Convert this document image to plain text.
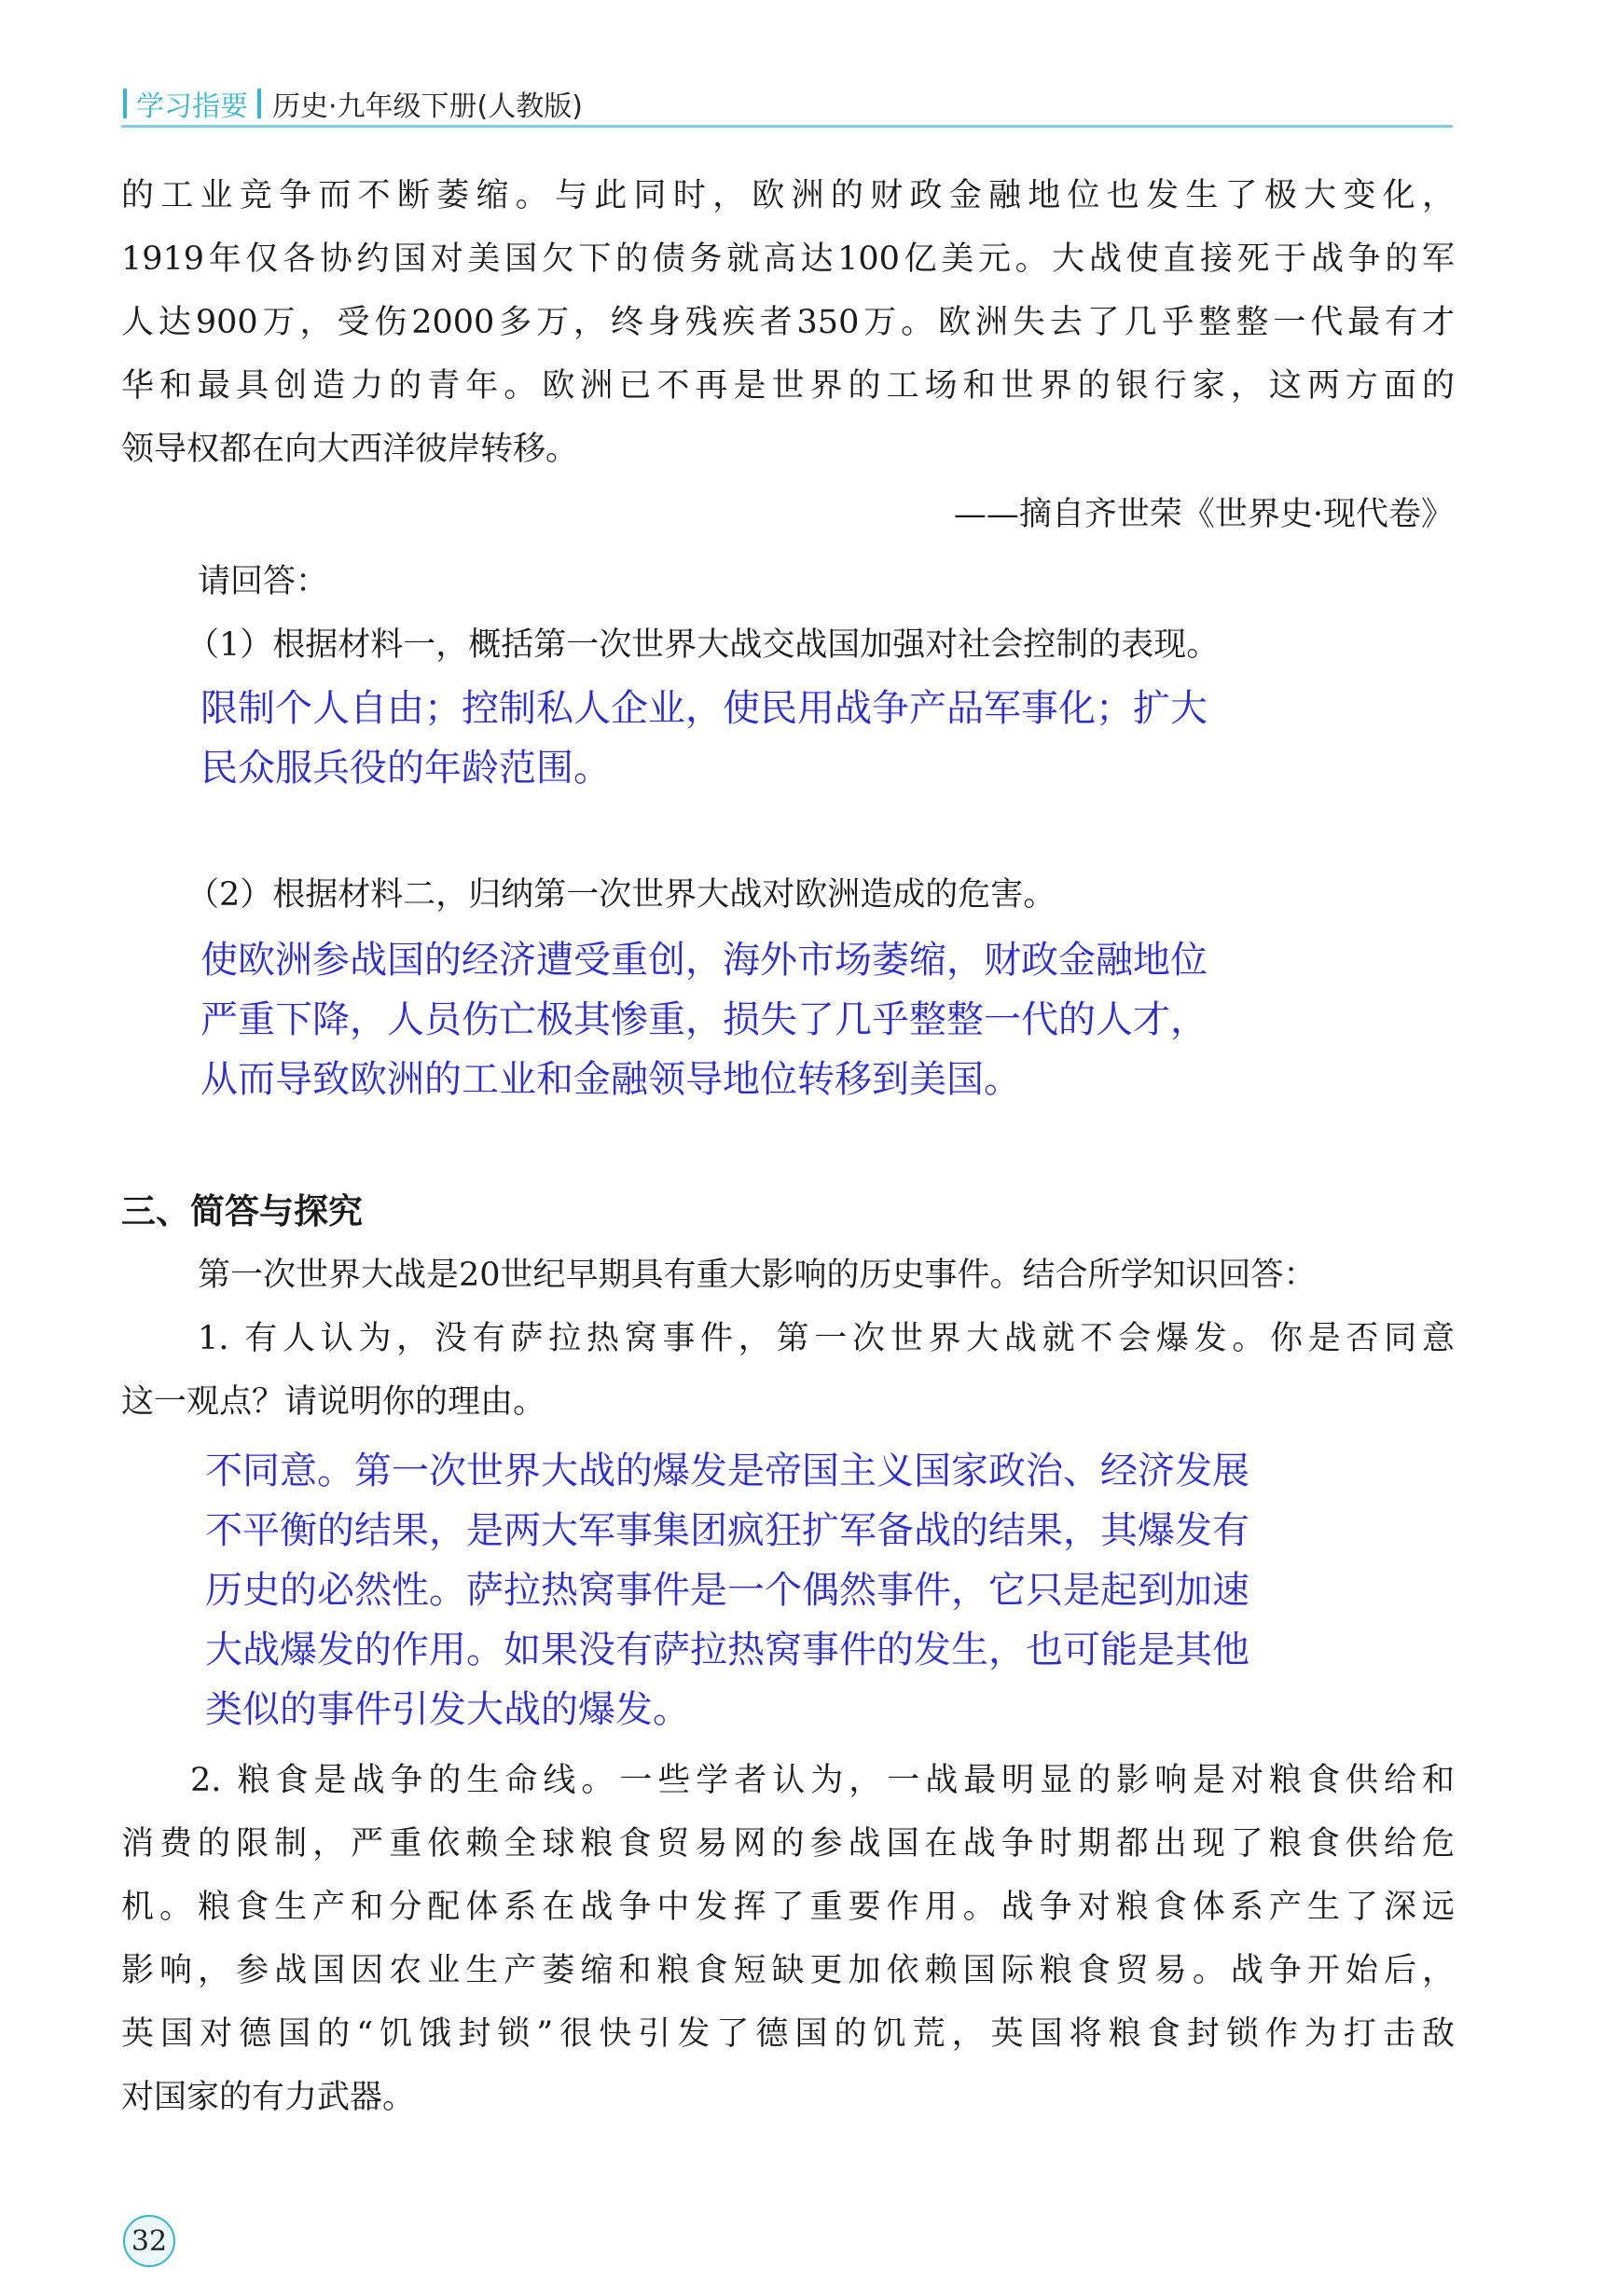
学习指要 历史·九年级下册(人教版)

的工业竞争而不断萎缩。与此同时，欧洲的财政金融地位也发生了极大变化，

1919年仅各协约国对美国欠下的债务就高达100亿美元。大战使直接死于战争的军

人达900万，受伤2000多万，终身残疾者350万。欧洲失去了几乎整整一代最有才

华和最具创造力的青年。欧洲已不再是世界的工场和世界的银行家，这两方面的

领导权都在向大西洋彼岸转移。

——摘自齐世荣《世界史·现代卷》

请回答：

（1）根据材料一，概括第一次世界大战交战国加强对社会控制的表现。

限制个人自由；控制私人企业，使民用战争产品军事化；扩大
民众服兵役的年龄范围。

（2）根据材料二，归纳第一次世界大战对欧洲造成的危害。

使欧洲参战国的经济遭受重创，海外市场萎缩，财政金融地位
严重下降，人员伤亡极其惨重，损失了几乎整整一代的人才，
从而导致欧洲的工业和金融领导地位转移到美国。

三、简答与探究

第一次世界大战是20世纪早期具有重大影响的历史事件。结合所学知识回答：

1. 有人认为，没有萨拉热窝事件，第一次世界大战就不会爆发。你是否同意

这一观点？请说明你的理由。

不同意。第一次世界大战的爆发是帝国主义国家政治、经济发展
不平衡的结果，是两大军事集团疯狂扩军备战的结果，其爆发有
历史的必然性。萨拉热窝事件是一个偶然事件，它只是起到加速
大战爆发的作用。如果没有萨拉热窝事件的发生，也可能是其他
类似的事件引发大战的爆发。

2. 粮食是战争的生命线。一些学者认为，一战最明显的影响是对粮食供给和

消费的限制，严重依赖全球粮食贸易网的参战国在战争时期都出现了粮食供给危

机。粮食生产和分配体系在战争中发挥了重要作用。战争对粮食体系产生了深远

影响，参战国因农业生产萎缩和粮食短缺更加依赖国际粮食贸易。战争开始后，

英国对德国的“饥饿封锁”很快引发了德国的饥荒，英国将粮食封锁作为打击敌

对国家的有力武器。

32
